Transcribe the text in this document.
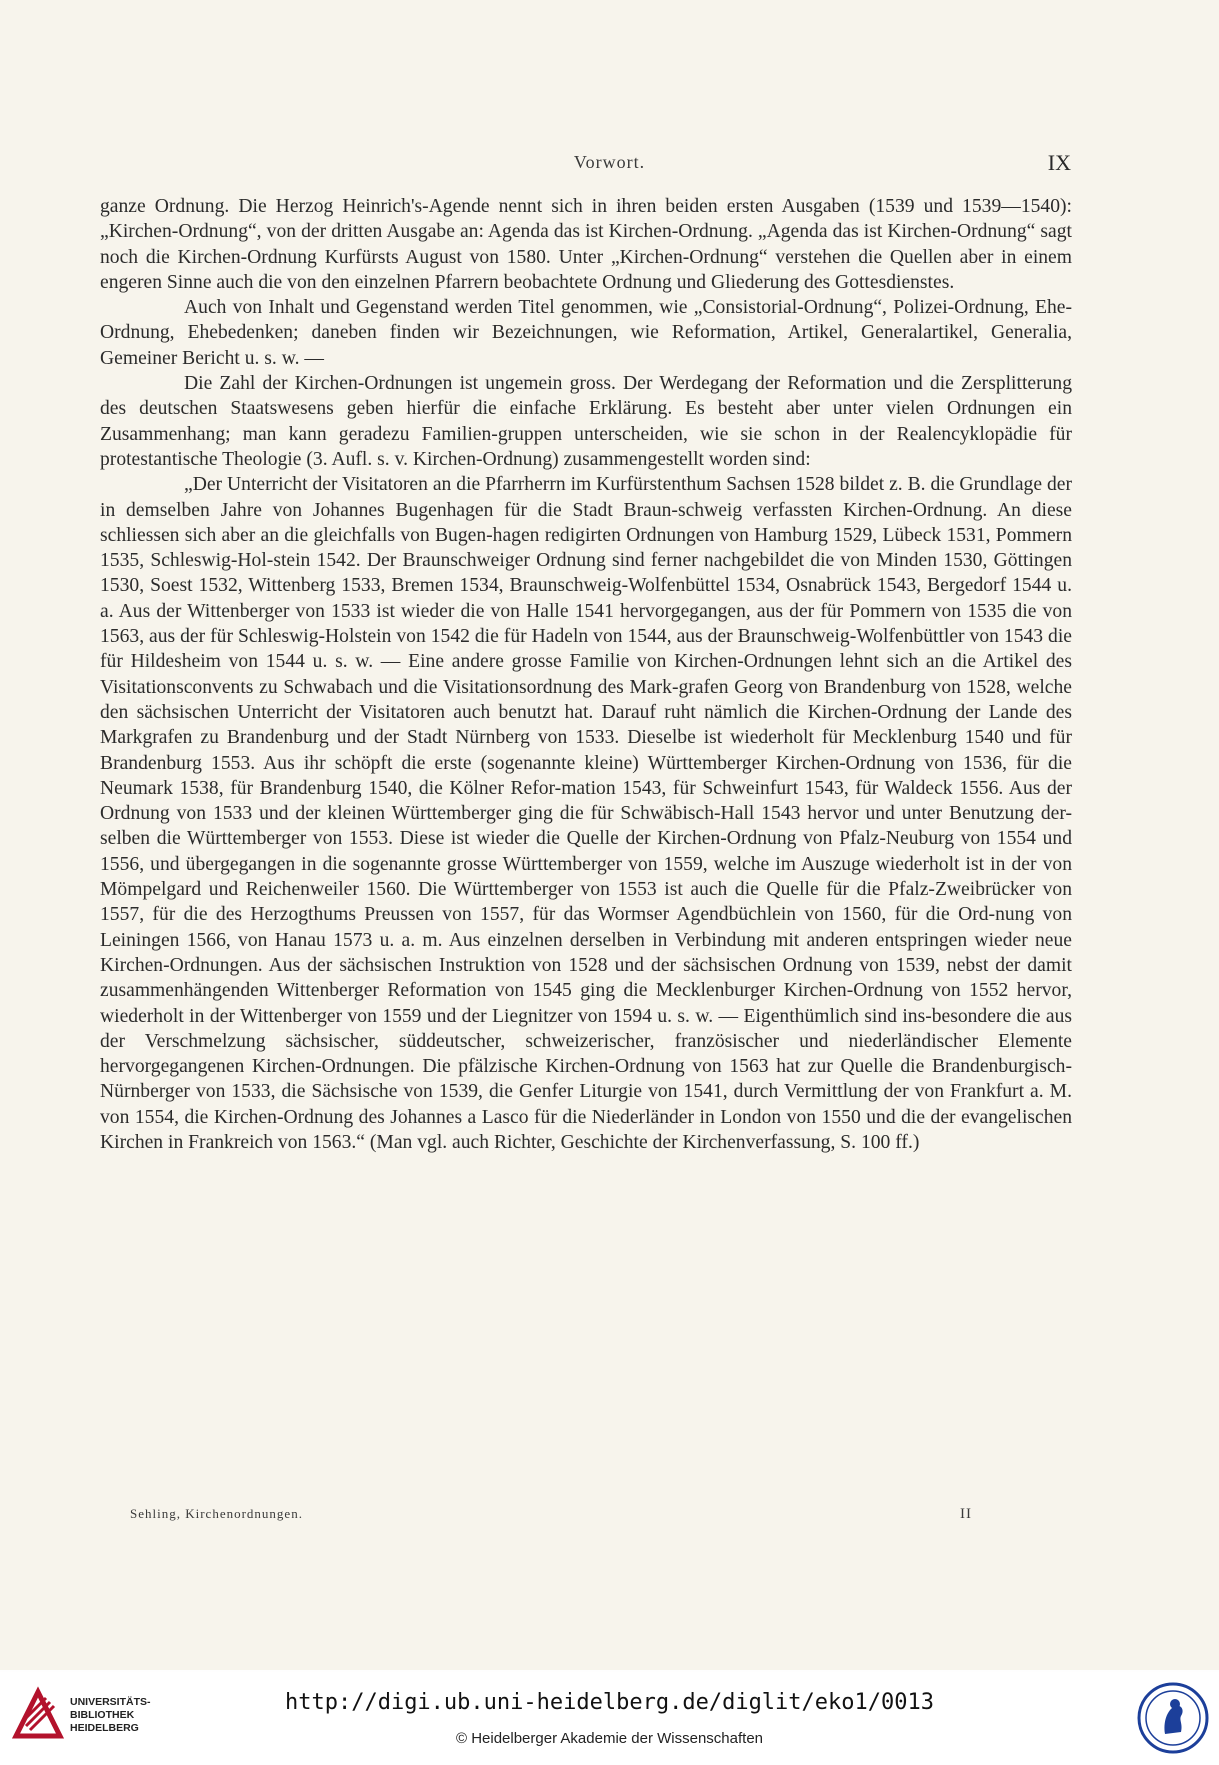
Vorwort.	IX

ganze Ordnung. Die Herzog Heinrich's-Agende nennt sich in ihren beiden ersten Ausgaben (1539 und 1539—1540): „Kirchen-Ordnung“, von der dritten Ausgabe an: Agenda das ist Kirchen-Ordnung. „Agenda das ist Kirchen-Ordnung“ sagt noch die Kirchen-Ordnung Kurfürsts August von 1580. Unter „Kirchen-Ordnung“ verstehen die Quellen aber in einem engeren Sinne auch die von den einzelnen Pfarrern beobachtete Ordnung und Gliederung des Gottesdienstes.

Auch von Inhalt und Gegenstand werden Titel genommen, wie „Consistorial-Ordnung“, Polizei-Ordnung, Ehe-Ordnung, Ehebedenken; daneben finden wir Bezeichnungen, wie Reformation, Artikel, Generalartikel, Generalia, Gemeiner Bericht u. s. w. —

Die Zahl der Kirchen-Ordnungen ist ungemein gross. Der Werdegang der Reformation und die Zersplitterung des deutschen Staatswesens geben hierfür die einfache Erklärung. Es besteht aber unter vielen Ordnungen ein Zusammenhang; man kann geradezu Familien-gruppen unterscheiden, wie sie schon in der Realencyklopädie für protestantische Theologie (3. Aufl. s. v. Kirchen-Ordnung) zusammengestellt worden sind:

„Der Unterricht der Visitatoren an die Pfarrherrn im Kurfürstenthum Sachsen 1528 bildet z. B. die Grundlage der in demselben Jahre von Johannes Bugenhagen für die Stadt Braun-schweig verfassten Kirchen-Ordnung. An diese schliessen sich aber an die gleichfalls von Bugen-hagen redigirten Ordnungen von Hamburg 1529, Lübeck 1531, Pommern 1535, Schleswig-Hol-stein 1542. Der Braunschweiger Ordnung sind ferner nachgebildet die von Minden 1530, Göttingen 1530, Soest 1532, Wittenberg 1533, Bremen 1534, Braunschweig-Wolfenbüttel 1534, Osnabrück 1543, Bergedorf 1544 u. a. Aus der Wittenberger von 1533 ist wieder die von Halle 1541 hervorgegangen, aus der für Pommern von 1535 die von 1563, aus der für Schleswig-Holstein von 1542 die für Hadeln von 1544, aus der Braunschweig-Wolfenbüttler von 1543 die für Hildesheim von 1544 u. s. w. — Eine andere grosse Familie von Kirchen-Ordnungen lehnt sich an die Artikel des Visitationsconvents zu Schwabach und die Visitationsordnung des Mark-grafen Georg von Brandenburg von 1528, welche den sächsischen Unterricht der Visitatoren auch benutzt hat. Darauf ruht nämlich die Kirchen-Ordnung der Lande des Markgrafen zu Brandenburg und der Stadt Nürnberg von 1533. Dieselbe ist wiederholt für Mecklenburg 1540 und für Brandenburg 1553. Aus ihr schöpft die erste (sogenannte kleine) Württemberger Kirchen-Ordnung von 1536, für die Neumark 1538, für Brandenburg 1540, die Kölner Refor-mation 1543, für Schweinfurt 1543, für Waldeck 1556. Aus der Ordnung von 1533 und der kleinen Württemberger ging die für Schwäbisch-Hall 1543 hervor und unter Benutzung der-selben die Württemberger von 1553. Diese ist wieder die Quelle der Kirchen-Ordnung von Pfalz-Neuburg von 1554 und 1556, und übergegangen in die sogenannte grosse Württemberger von 1559, welche im Auszuge wiederholt ist in der von Mömpelgard und Reichenweiler 1560. Die Württemberger von 1553 ist auch die Quelle für die Pfalz-Zweibrücker von 1557, für die des Herzogthums Preussen von 1557, für das Wormser Agendbüchlein von 1560, für die Ord-nung von Leiningen 1566, von Hanau 1573 u. a. m. Aus einzelnen derselben in Verbindung mit anderen entspringen wieder neue Kirchen-Ordnungen. Aus der sächsischen Instruktion von 1528 und der sächsischen Ordnung von 1539, nebst der damit zusammenhängenden Wittenberger Reformation von 1545 ging die Mecklenburger Kirchen-Ordnung von 1552 hervor, wiederholt in der Wittenberger von 1559 und der Liegnitzer von 1594 u. s. w. — Eigenthümlich sind ins-besondere die aus der Verschmelzung sächsischer, süddeutscher, schweizerischer, französischer und niederländischer Elemente hervorgegangenen Kirchen-Ordnungen. Die pfälzische Kirchen-Ordnung von 1563 hat zur Quelle die Brandenburgisch-Nürnberger von 1533, die Sächsische von 1539, die Genfer Liturgie von 1541, durch Vermittlung der von Frankfurt a. M. von 1554, die Kirchen-Ordnung des Johannes a Lasco für die Niederländer in London von 1550 und die der evangelischen Kirchen in Frankreich von 1563.“ (Man vgl. auch Richter, Geschichte der Kirchenverfassung, S. 100 ff.)

Sehling, Kirchenordnungen.	II
UNIVERSITÄTS-
BIBLIOTHEK
HEIDELBERG
http://digi.ub.uni-heidelberg.de/diglit/eko1/0013
© Heidelberger Akademie der Wissenschaften
